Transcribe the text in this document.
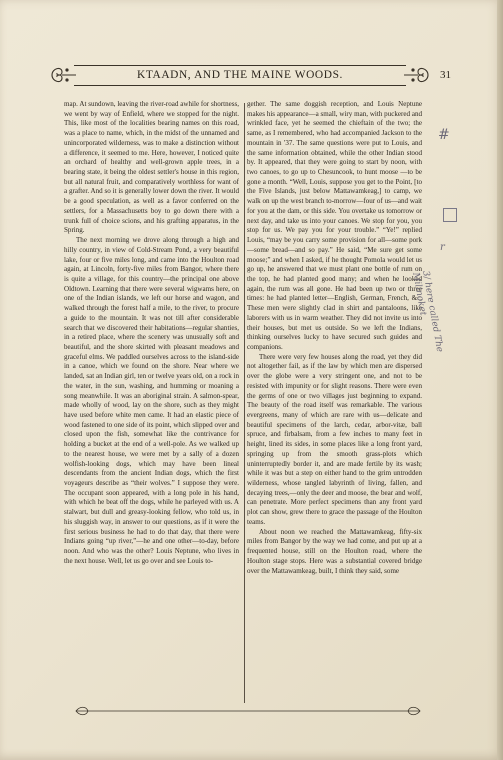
KTAADN, AND THE MAINE WOODS.	31

map. At sundown, leaving the river-road awhile for shortness, we went by way of Enfield, where we stopped for the night. This, like most of the localities bearing names on this road, was a place to name, which, in the midst of the unnamed and unincorporated wilderness, was to make a distinction without a difference, it seemed to me. Here, however, I noticed quite an orchard of healthy and well-grown apple trees, in a bearing state, it being the oldest settler's house in this region, but all natural fruit, and comparatively worthless for want of a grafter. And so it is generally lower down the river. It would be a good speculation, as well as a favor conferred on the settlers, for a Massachusetts boy to go down there with a trunk full of choice scions, and his grafting apparatus, in the Spring.

The next morning we drove along through a high and hilly country, in view of Cold-Stream Pond, a very beautiful lake, four or five miles long, and came into the Houlton road again, at Lincoln, forty-five miles from Bangor, where there is quite a village, for this country—the principal one above Oldtown. Learning that there were several wigwams here, on one of the Indian islands, we left our horse and wagon, and walked through the forest half a mile, to the river, to procure a guide to the mountain. It was not till after considerable search that we discovered their habitations—regular shanties, in a retired place, where the scenery was unusually soft and beautiful, and the shore skirted with pleasant meadows and graceful elms. We paddled ourselves across to the island-side in a canoe, which we found on the shore. Near where we landed, sat an Indian girl, ten or twelve years old, on a rock in the water, in the sun, washing, and humming or moaning a song meanwhile. It was an aboriginal strain. A salmon-spear, made wholly of wood, lay on the shore, such as they might have used before white men came. It had an elastic piece of wood fastened to one side of its point, which slipped over and closed upon the fish, somewhat like the contrivance for holding a bucket at the end of a well-pole. As we walked up to the nearest house, we were met by a sally of a dozen wolfish-looking dogs, which may have been lineal descendants from the ancient Indian dogs, which the first voyageurs describe as “their wolves.” I suppose they were. The occupant soon appeared, with a long pole in his hand, with which he beat off the dogs, while he parleyed with us. A stalwart, but dull and greasy-looking fellow, who told us, in his sluggish way, in answer to our questions, as if it were the first serious business he had to do that day, that there were Indians going “up river,”—he and one other—to-day, before noon. And who was the other? Louis Neptune, who lives in the next house. Well, let us go over and see Louis to-

gether. The same doggish reception, and Louis Neptune makes his appearance—a small, wiry man, with puckered and wrinkled face, yet he seemed the chieftain of the two; the same, as I remembered, who had accompanied Jackson to the mountain in '37. The same questions were put to Louis, and the same information obtained, while the other Indian stood by. It appeared, that they were going to start by noon, with two canoes, to go up to Chesuncook, to hunt moose —to be gone a month. “Well, Louis, suppose you get to the Point, [to the Five Islands, just below Mattawamkeag,] to camp, we walk on up the west branch to-morrow—four of us—and wait for you at the dam, or this side. You overtake us tomorrow or next day, and take us into your canoes. We stop for you, you stop for us. We pay you for your trouble.” “Ye!” replied Louis, “may be you carry some provision for all—some pork—some bread—and so pay.” He said, “Me sure get some moose;” and when I asked, if he thought Pomola would let us go up, he answered that we must plant one bottle of rum on the top, he had planted good many; and when he looked again, the rum was all gone. He had been up two or three times: he had planted letter—English, German, French, &c. These men were slightly clad in shirt and pantaloons, like laborers with us in warm weather. They did not invite us into their houses, but met us outside. So we left the Indians, thinking ourselves lucky to have secured such guides and companions.

There were very few houses along the road, yet they did not altogether fail, as if the law by which men are dispersed over the globe were a very stringent one, and not to be resisted with impunity or for slight reasons. There were even the germs of one or two villages just beginning to expand. The beauty of the road itself was remarkable. The various evergreens, many of which are rare with us—delicate and beautiful specimens of the larch, cedar, arbor-vitæ, ball spruce, and firbalsam, from a few inches to many feet in height, lined its sides, in some places like a long front yard, springing up from the smooth grass-plots which uninterruptedly border it, and are made fertile by its wash; while it was but a step on either hand to the grim untrodden wilderness, whose tangled labyrinth of living, fallen, and decaying trees,—only the deer and moose, the bear and wolf, can penetrate. More perfect specimens than any front yard plot can show, grew there to grace the passage of the Houlton teams.

About noon we reached the Mattawamkeag, fifty-six miles from Bangor by the way we had come, and put up at a frequented house, still on the Houlton road, where the Houlton stage stops. Here was a substantial covered bridge over the Mattawamkeag, built, I think they said, some

#
r
3/ here called The Milinoket
